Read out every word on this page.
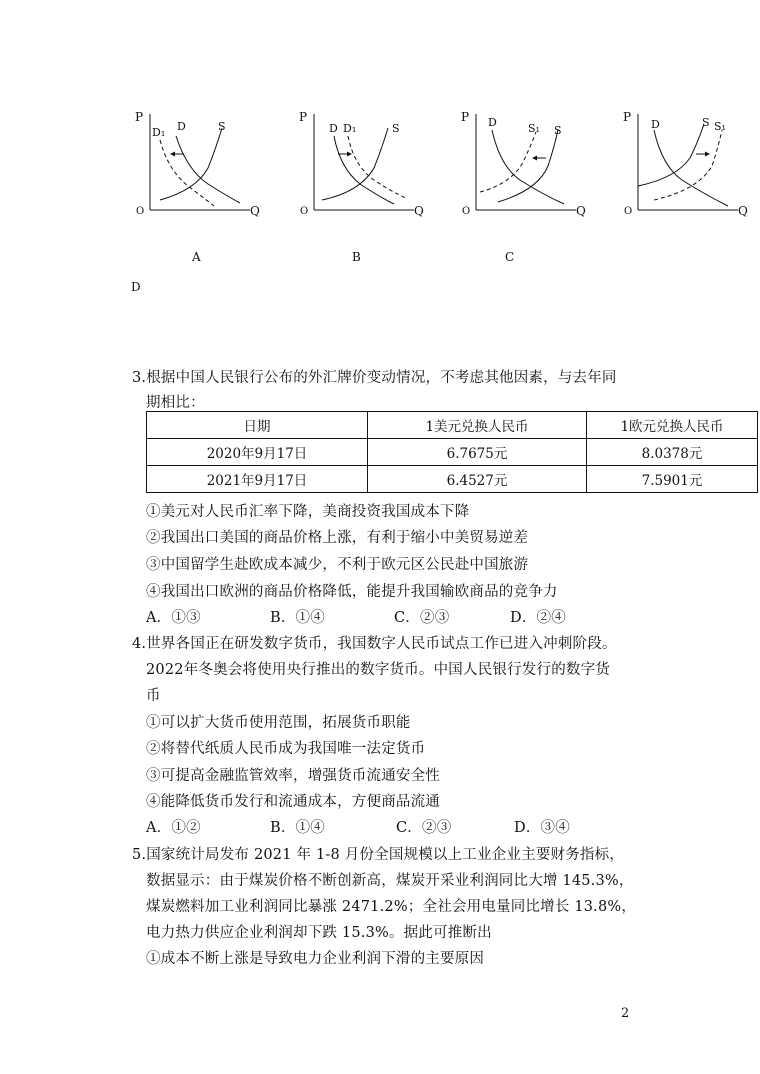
P
Q
O
D₁ D	S
P
Q
O
D D₁	S
P
Q
O
D	S₁ S
P
Q
O
D	S S₁
A	B	C
D
3.根据中国人民银行公布的外汇牌价变动情况，不考虑其他因素，与去年同
期相比：
日期	1美元兑换人民币	1欧元兑换人民币
2020年9月17日	6.7675元	8.0378元
2021年9月17日	6.4527元	7.5901元
①美元对人民币汇率下降，美商投资我国成本下降
②我国出口美国的商品价格上涨，有利于缩小中美贸易逆差
③中国留学生赴欧成本减少，不利于欧元区公民赴中国旅游
④我国出口欧洲的商品价格降低，能提升我国输欧商品的竞争力
A．①③	B．①④	C．②③	D．②④
4.世界各国正在研发数字货币，我国数字人民币试点工作已进入冲刺阶段。
2022年冬奥会将使用央行推出的数字货币。中国人民银行发行的数字货
币
①可以扩大货币使用范围，拓展货币职能
②将替代纸质人民币成为我国唯一法定货币
③可提高金融监管效率，增强货币流通安全性
④能降低货币发行和流通成本，方便商品流通
A．①②	B．①④	C．②③	D．③④
5.国家统计局发布 2021 年 1-8 月份全国规模以上工业企业主要财务指标，
数据显示：由于煤炭价格不断创新高，煤炭开采业利润同比大增 145.3%，
煤炭燃料加工业利润同比暴涨 2471.2%；全社会用电量同比增长 13.8%，
电力热力供应企业利润却下跌 15.3%。据此可推断出
①成本不断上涨是导致电力企业利润下滑的主要原因
2
